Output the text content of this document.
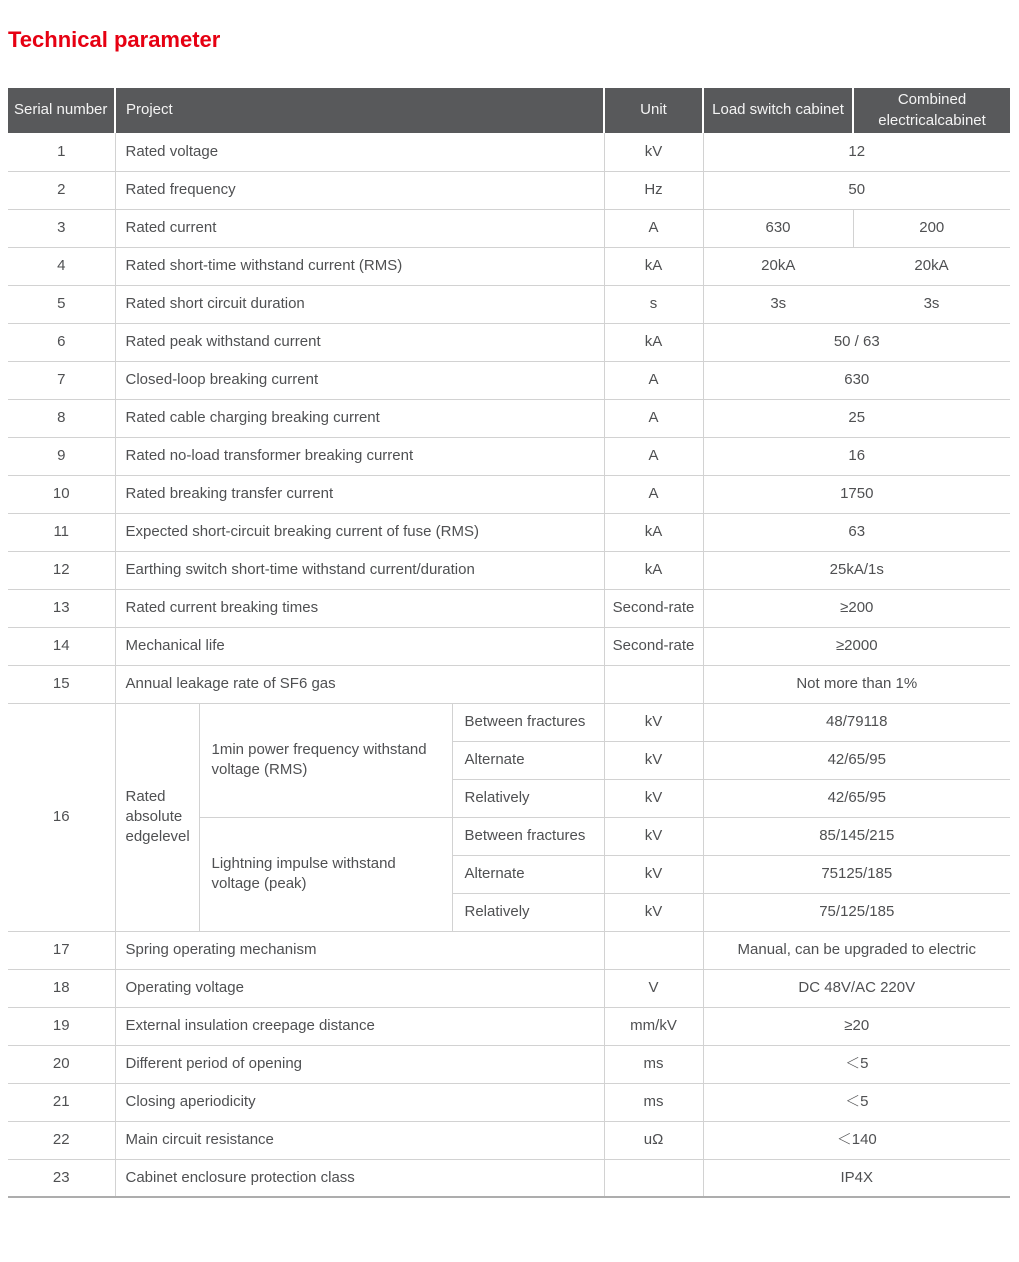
Technical parameter
Serial number	Project			Unit	Load switch cabinet	Combined electricalcabinet
1	Rated voltage			kV	12	
2	Rated frequency			Hz	50	
3	Rated current			A	630	200
4	Rated short-time withstand current (RMS)			kA	20kA	20kA
5	Rated short circuit duration			s	3s	3s
6	Rated peak withstand current			kA	50 / 63	
7	Closed-loop breaking current			A	630	
8	Rated cable charging breaking current			A	25	
9	Rated no-load transformer breaking current			A	16	
10	Rated breaking transfer current			A	1750	
11	Expected short-circuit breaking current of fuse (RMS)			kA	63	
12	Earthing switch short-time withstand current/duration			kA	25kA/1s	
13	Rated current breaking times			Second-rate	≥200	
14	Mechanical life			Second-rate	≥2000	
15	Annual leakage rate of SF6 gas				Not more than 1%	
16	Rated absolute edgelevel	1min power frequency withstand voltage (RMS)	Between fractures	kV	48/79118	
			Alternate	kV	42/65/95	
			Relatively	kV	42/65/95	
		Lightning impulse withstand voltage (peak)	Between fractures	kV	85/145/215	
			Alternate	kV	75125/185	
			Relatively	kV	75/125/185	
17	Spring operating mechanism				Manual, can be upgraded to electric	
18	Operating voltage			V	DC 48V/AC 220V	
19	External insulation creepage distance			mm/kV	≥20	
20	Different period of opening			ms	＜5	
21	Closing aperiodicity			ms	＜5	
22	Main circuit resistance			uΩ	＜140	
23	Cabinet enclosure protection class				IP4X	
